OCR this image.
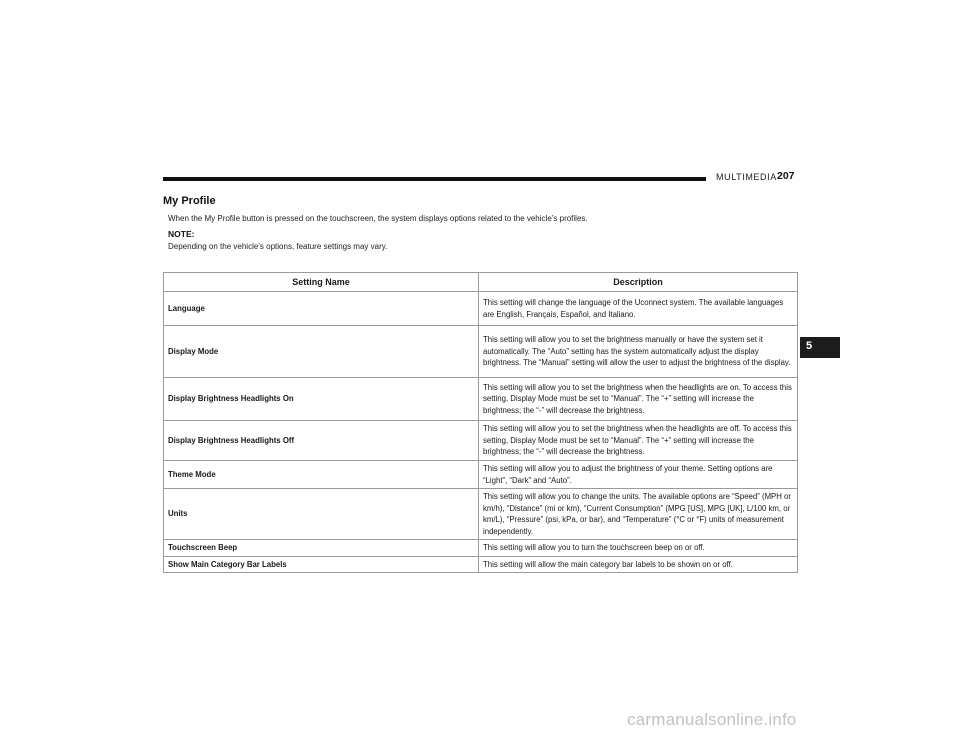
MULTIMEDIA 207
My Profile
When the My Profile button is pressed on the touchscreen, the system displays options related to the vehicle’s profiles.
NOTE:
Depending on the vehicle’s options, feature settings may vary.
Setting Name	Description
Language	This setting will change the language of the Uconnect system. The available languages are English, Français, Español, and Italiano.
Display Mode	This setting will allow you to set the brightness manually or have the system set it automatically. The “Auto” setting has the system automatically adjust the display brightness. The “Manual” setting will allow the user to adjust the brightness of the display.
Display Brightness Headlights On	This setting will allow you to set the brightness when the headlights are on. To access this setting, Display Mode must be set to “Manual”. The “+” setting will increase the brightness; the “-” will decrease the brightness.
Display Brightness Headlights Off	This setting will allow you to set the brightness when the headlights are off. To access this setting, Display Mode must be set to “Manual”. The “+” setting will increase the brightness; the “-” will decrease the brightness.
Theme Mode	This setting will allow you to adjust the brightness of your theme. Setting options are “Light”, “Dark” and “Auto”.
Units	This setting will allow you to change the units. The available options are “Speed” (MPH or km/h), “Distance” (mi or km), “Current Consumption” (MPG [US], MPG [UK], L/100 km, or km/L), “Pressure” (psi, kPa, or bar), and “Temperature” (°C or °F) units of measurement independently.
Touchscreen Beep	This setting will allow you to turn the touchscreen beep on or off.
Show Main Category Bar Labels	This setting will allow the main category bar labels to be shown on or off.
5
carmanualsonline.info
